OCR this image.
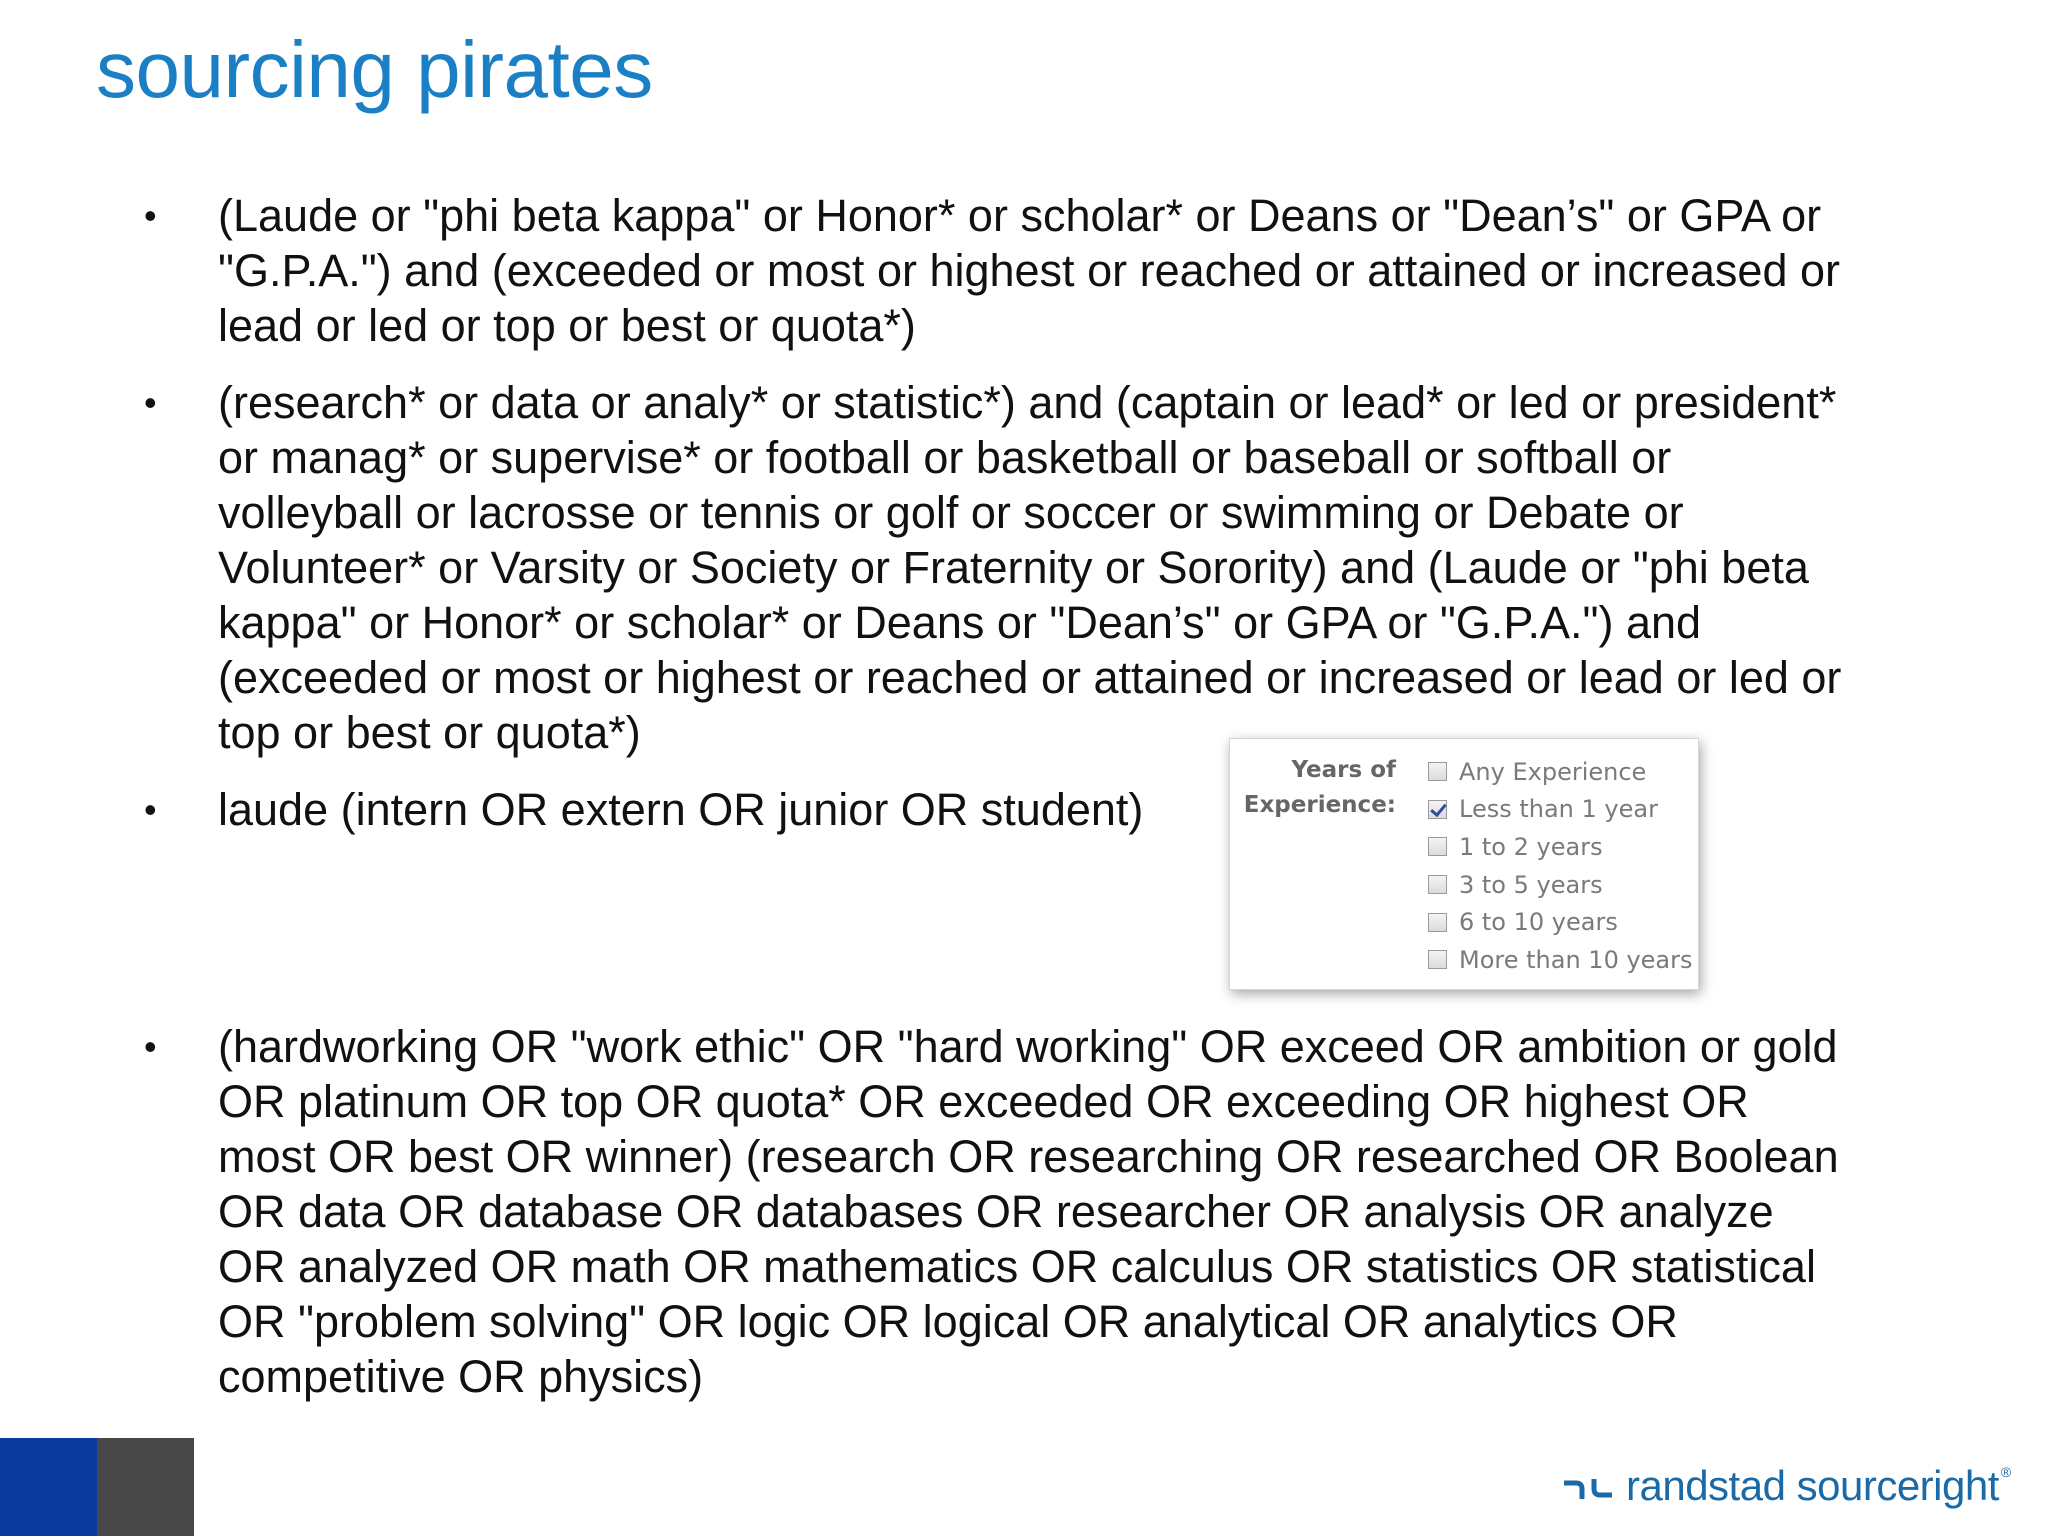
sourcing pirates
• (Laude or "phi beta kappa" or Honor* or scholar* or Deans or "Dean’s" or GPA or "G.P.A.") and (exceeded or most or highest or reached or attained or increased or lead or led or top or best or quota*)
• (research* or data or analy* or statistic*) and (captain or lead* or led or president* or manag* or supervise* or football or basketball or baseball or softball or volleyball or lacrosse or tennis or golf or soccer or swimming or Debate or Volunteer* or Varsity or Society or Fraternity or Sorority) and (Laude or "phi beta kappa" or Honor* or scholar* or Deans or "Dean’s" or GPA or "G.P.A.") and (exceeded or most or highest or reached or attained or increased or lead or led or top or best or quota*)
• laude (intern OR extern OR junior OR student)
• (hardworking OR "work ethic" OR "hard working" OR exceed OR ambition or gold OR platinum OR top OR quota* OR exceeded OR exceeding OR highest OR most OR best OR winner) (research OR researching OR researched OR Boolean OR data OR database OR databases OR researcher OR analysis OR analyze OR analyzed OR math OR mathematics OR calculus OR statistics OR statistical OR "problem solving" OR logic OR logical OR analytical OR analytics OR competitive OR physics)
Years of
Experience:
Any Experience
Less than 1 year
1 to 2 years
3 to 5 years
6 to 10 years
More than 10 years
randstad sourceright ®
